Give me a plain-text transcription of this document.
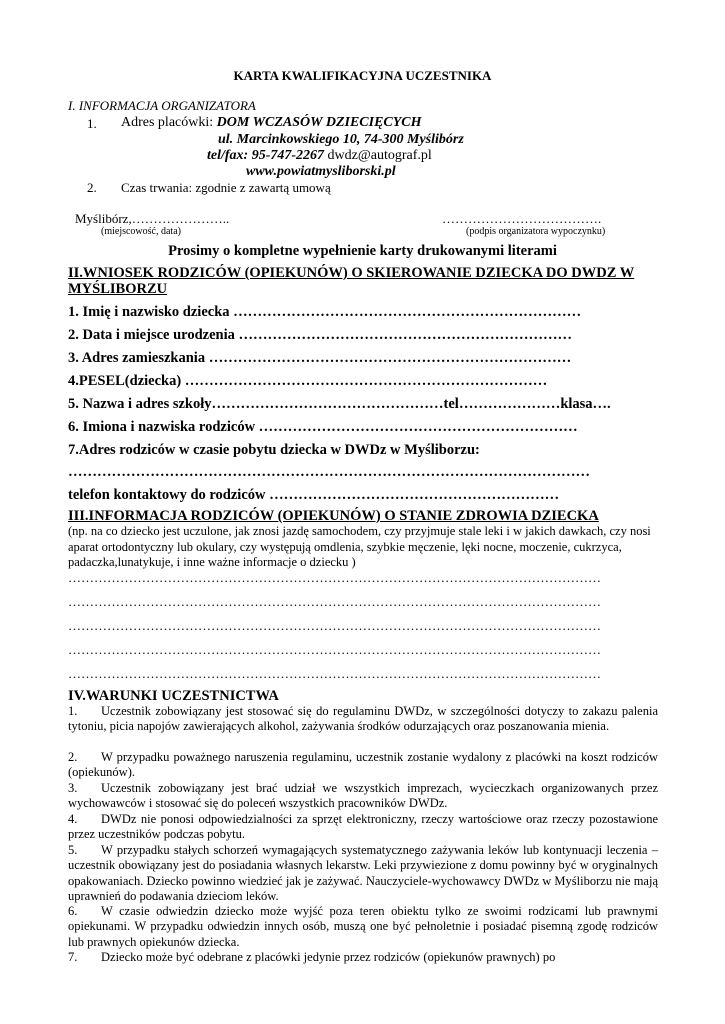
KARTA KWALIFIKACYJNA UCZESTNIKA
I. INFORMACJA ORGANIZATORA
1. Adres placówki: DOM WCZASÓW DZIECIĘCYCH
ul. Marcinkowskiego 10, 74-300 Myślibórz
tel/fax: 95-747-2267 dwdz@autograf.pl
www.powiatmysliborski.pl
2. Czas trwania: zgodnie z zawartą umową
Myślibórz,…………………..
(miejscowość, data)
……………………………….
(podpis organizatora wypoczynku)
Prosimy o kompletne wypełnienie karty drukowanymi literami
II.WNIOSEK RODZICÓW (OPIEKUNÓW) O SKIEROWANIE DZIECKA DO DWDZ W
MYŚLIBORZU
1. Imię i nazwisko dziecka ………………………………………………………………
2. Data i miejsce urodzenia ……………………………………………………………
3. Adres zamieszkania …………………………………………………………………
4.PESEL(dziecka) …………………………………………………………………
5. Nazwa i adres szkoły…………………………………………tel…………………klasa….
6. Imiona i nazwiska rodziców …………………………………………………………
7.Adres rodziców w czasie pobytu dziecka w DWDz w Myśliborzu:
………………………………………………………………………………………………
telefon kontaktowy do rodziców ……………………………………………………
III.INFORMACJA RODZICÓW (OPIEKUNÓW) O STANIE ZDROWIA DZIECKA
(np. na co dziecko jest uczulone, jak znosi jazdę samochodem, czy przyjmuje stale leki i w jakich dawkach, czy nosi aparat ortodontyczny lub okulary, czy występują omdlenia, szybkie męczenie, lęki nocne, moczenie, cukrzyca, padaczka,lunatykuje, i inne ważne informacje o dziecku )
……………………………………………………………………………………………………………
……………………………………………………………………………………………………………
……………………………………………………………………………………………………………
……………………………………………………………………………………………………………
……………………………………………………………………………………………………………
IV.WARUNKI UCZESTNICTWA
1. Uczestnik zobowiązany jest stosować się do regulaminu DWDz, w szczególności dotyczy to zakazu palenia tytoniu, picia napojów zawierających alkohol, zażywania środków odurzających oraz poszanowania mienia.
2. W przypadku poważnego naruszenia regulaminu, uczestnik zostanie wydalony z placówki na koszt rodziców (opiekunów).
3. Uczestnik zobowiązany jest brać udział we wszystkich imprezach, wycieczkach organizowanych przez wychowawców i stosować się do poleceń wszystkich pracowników DWDz.
4. DWDz nie ponosi odpowiedzialności za sprzęt elektroniczny, rzeczy wartościowe oraz rzeczy pozostawione przez uczestników podczas pobytu.
5. W przypadku stałych schorzeń wymagających systematycznego zażywania leków lub kontynuacji leczenia – uczestnik obowiązany jest do posiadania własnych lekarstw. Leki przywiezione z domu powinny być w oryginalnych opakowaniach. Dziecko powinno wiedzieć jak je zażywać. Nauczyciele-wychowawcy DWDz w Myśliborzu nie mają uprawnień do podawania dzieciom leków.
6. W czasie odwiedzin dziecko może wyjść poza teren obiektu tylko ze swoimi rodzicami lub prawnymi opiekunami. W przypadku odwiedzin innych osób, muszą one być pełnoletnie i posiadać pisemną zgodę rodziców lub prawnych opiekunów dziecka.
7. Dziecko może być odebrane z placówki jedynie przez rodziców (opiekunów prawnych) po
